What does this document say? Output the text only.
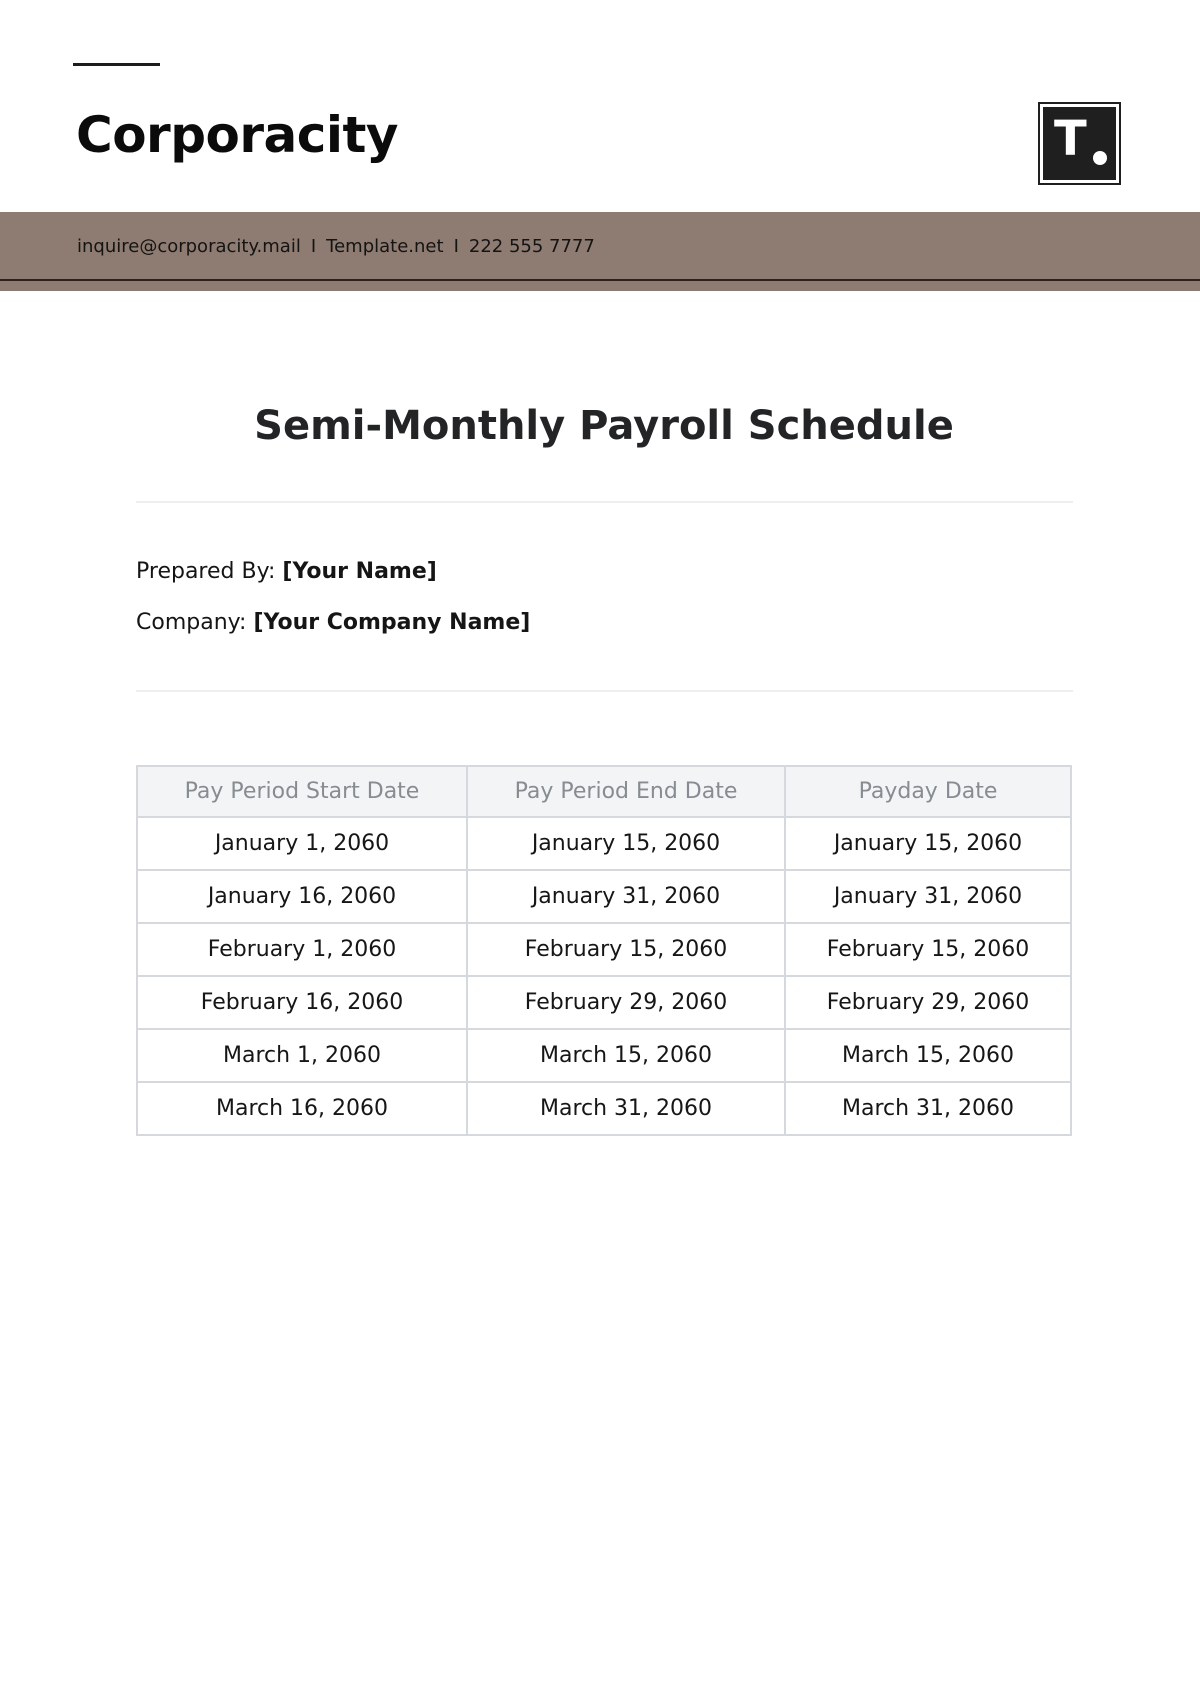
Corporacity	T
inquire@corporacity.mail I Template.net I 222 555 7777
Semi-Monthly Payroll Schedule
Prepared By: [Your Name]
Company: [Your Company Name]
Pay Period Start Date	Pay Period End Date	Payday Date
January 1, 2060	January 15, 2060	January 15, 2060
January 16, 2060	January 31, 2060	January 31, 2060
February 1, 2060	February 15, 2060	February 15, 2060
February 16, 2060	February 29, 2060	February 29, 2060
March 1, 2060	March 15, 2060	March 15, 2060
March 16, 2060	March 31, 2060	March 31, 2060
